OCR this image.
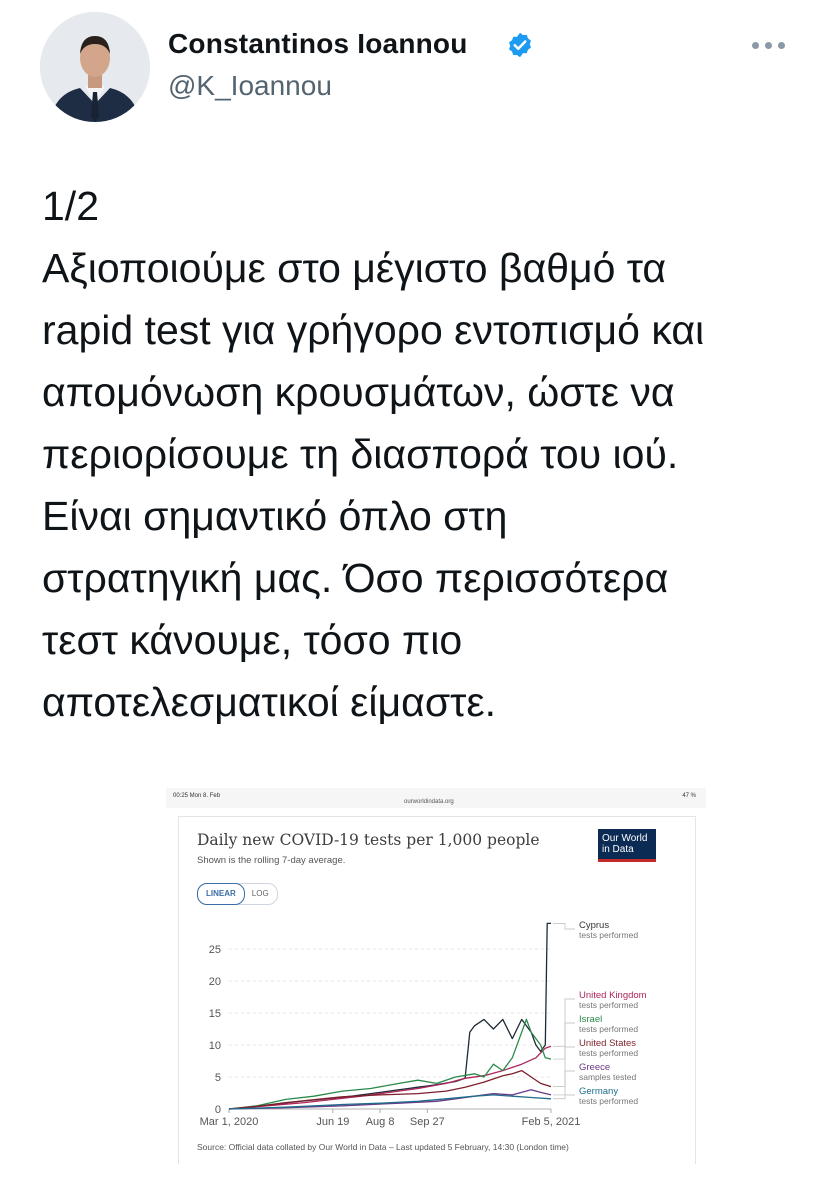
Constantinos Ioannou
@K_Ioannou
1/2
Αξιοποιούμε στο μέγιστο βαθμό τα
rapid test για γρήγορο εντοπισμό και
απομόνωση κρουσμάτων, ώστε να
περιορίσουμε τη διασπορά του ιού.
Είναι σημαντικό όπλο στη
στρατηγική μας. Όσο περισσότερα
τεστ κάνουμε, τόσο πιο
αποτελεσματικοί είμαστε.
00:25 Mon 8. Feb
ourworldindata.org
47 %
Daily new COVID-19 tests per 1,000 people
Shown is the rolling 7-day average.
Our World
in Data
LINEAR	LOG
0
5
10
15
20
25
Mar 1, 2020	Jun 19 Aug 8 Sep 27	Feb 5, 2021
Cyprus
tests performed
United Kingdom
tests performed
Israel
tests performed
United States
tests performed
Greece
samples tested
Germany
tests performed
Source: Official data collated by Our World in Data – Last updated 5 February, 14:30 (London time)
